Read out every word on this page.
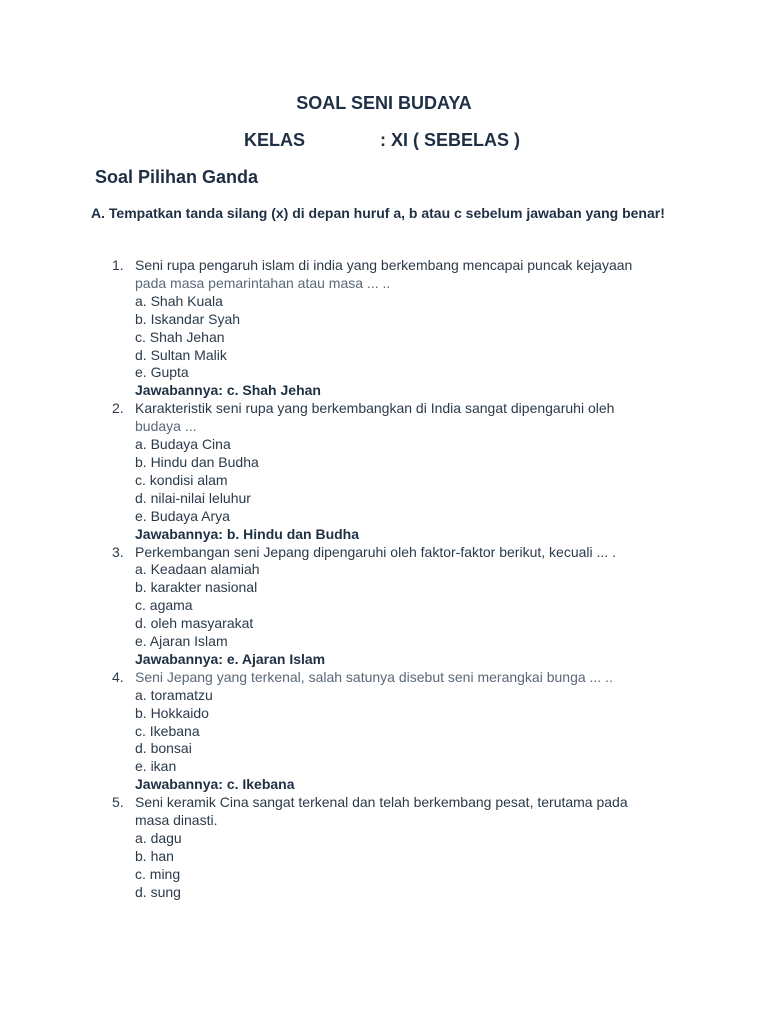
SOAL SENI BUDAYA
KELAS	: XI ( SEBELAS )
Soal Pilihan Ganda
A. Tempatkan tanda silang (x) di depan huruf a, b atau c sebelum jawaban yang benar!
1. Seni rupa pengaruh islam di india yang berkembang mencapai puncak kejayaan
pada masa pemarintahan atau masa ... ..
a. Shah Kuala
b. Iskandar Syah
c. Shah Jehan
d. Sultan Malik
e. Gupta
Jawabannya: c. Shah Jehan
2. Karakteristik seni rupa yang berkembangkan di India sangat dipengaruhi oleh
budaya ...
a. Budaya Cina
b. Hindu dan Budha
c. kondisi alam
d. nilai-nilai leluhur
e. Budaya Arya
Jawabannya: b. Hindu dan Budha
3. Perkembangan seni Jepang dipengaruhi oleh faktor-faktor berikut, kecuali ... .
a. Keadaan alamiah
b. karakter nasional
c. agama
d. oleh masyarakat
e. Ajaran Islam
Jawabannya: e. Ajaran Islam
4. Seni Jepang yang terkenal, salah satunya disebut seni merangkai bunga ... ..
a. toramatzu
b. Hokkaido
c. Ikebana
d. bonsai
e. ikan
Jawabannya: c. Ikebana
5. Seni keramik Cina sangat terkenal dan telah berkembang pesat, terutama pada
masa dinasti.
a. dagu
b. han
c. ming
d. sung
